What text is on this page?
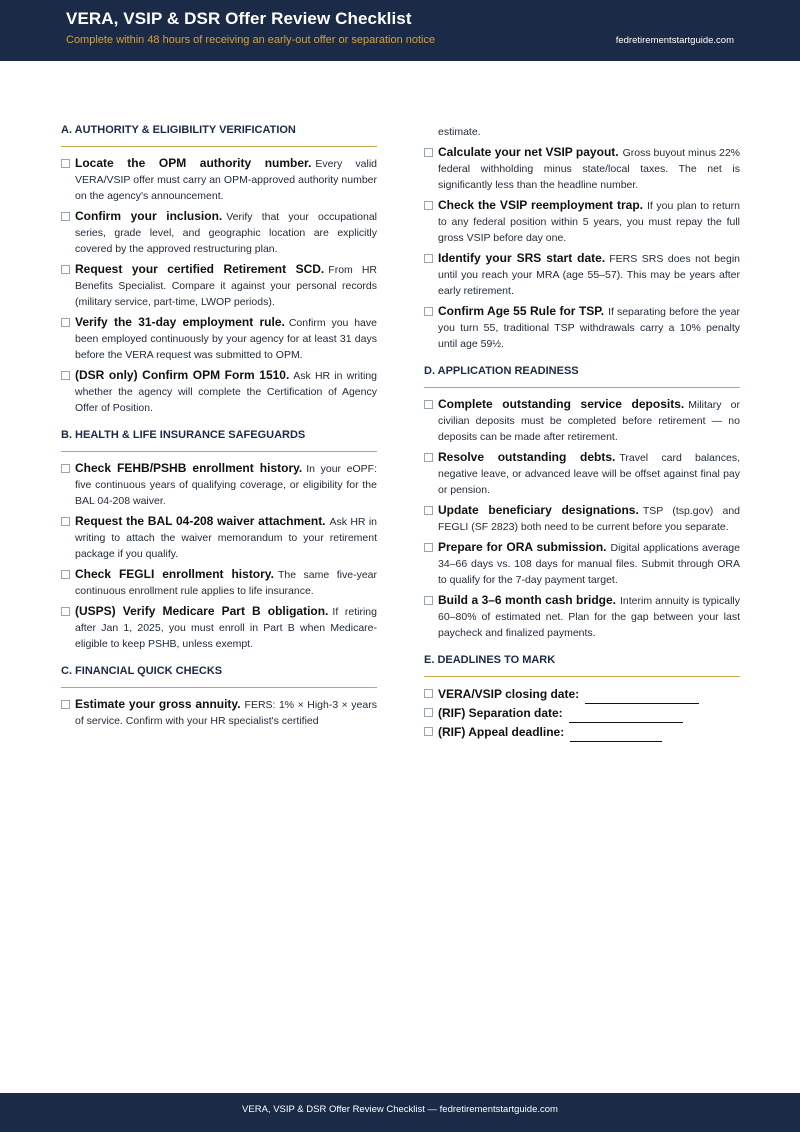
VERA, VSIP & DSR Offer Review Checklist
Complete within 48 hours of receiving an early-out offer or separation notice	fedretirementstartguide.com
A. AUTHORITY & ELIGIBILITY VERIFICATION
Locate the OPM authority number. Every valid VERA/VSIP offer must carry an OPM-approved authority number on the agency's announcement.
Confirm your inclusion. Verify that your occupational series, grade level, and geographic location are explicitly covered by the approved restructuring plan.
Request your certified Retirement SCD. From HR Benefits Specialist. Compare it against your personal records (military service, part-time, LWOP periods).
Verify the 31-day employment rule. Confirm you have been employed continuously by your agency for at least 31 days before the VERA request was submitted to OPM.
(DSR only) Confirm OPM Form 1510. Ask HR in writing whether the agency will complete the Certification of Agency Offer of Position.
B. HEALTH & LIFE INSURANCE SAFEGUARDS
Check FEHB/PSHB enrollment history. In your eOPF: five continuous years of qualifying coverage, or eligibility for the BAL 04-208 waiver.
Request the BAL 04-208 waiver attachment. Ask HR in writing to attach the waiver memorandum to your retirement package if you qualify.
Check FEGLI enrollment history. The same five-year continuous enrollment rule applies to life insurance.
(USPS) Verify Medicare Part B obligation. If retiring after Jan 1, 2025, you must enroll in Part B when Medicare-eligible to keep PSHB, unless exempt.
C. FINANCIAL QUICK CHECKS
Estimate your gross annuity. FERS: 1% × High-3 × years of service. Confirm with your HR specialist's certified
estimate.
Calculate your net VSIP payout. Gross buyout minus 22% federal withholding minus state/local taxes. The net is significantly less than the headline number.
Check the VSIP reemployment trap. If you plan to return to any federal position within 5 years, you must repay the full gross VSIP before day one.
Identify your SRS start date. FERS SRS does not begin until you reach your MRA (age 55–57). This may be years after early retirement.
Confirm Age 55 Rule for TSP. If separating before the year you turn 55, traditional TSP withdrawals carry a 10% penalty until age 59½.
D. APPLICATION READINESS
Complete outstanding service deposits. Military or civilian deposits must be completed before retirement — no deposits can be made after retirement.
Resolve outstanding debts. Travel card balances, negative leave, or advanced leave will be offset against final pay or pension.
Update beneficiary designations. TSP (tsp.gov) and FEGLI (SF 2823) both need to be current before you separate.
Prepare for ORA submission. Digital applications average 34–66 days vs. 108 days for manual files. Submit through ORA to qualify for the 7-day payment target.
Build a 3–6 month cash bridge. Interim annuity is typically 60–80% of estimated net. Plan for the gap between your last paycheck and finalized payments.
E. DEADLINES TO MARK
VERA/VSIP closing date:
(RIF) Separation date:
(RIF) Appeal deadline:
VERA, VSIP & DSR Offer Review Checklist — fedretirementstartguide.com
